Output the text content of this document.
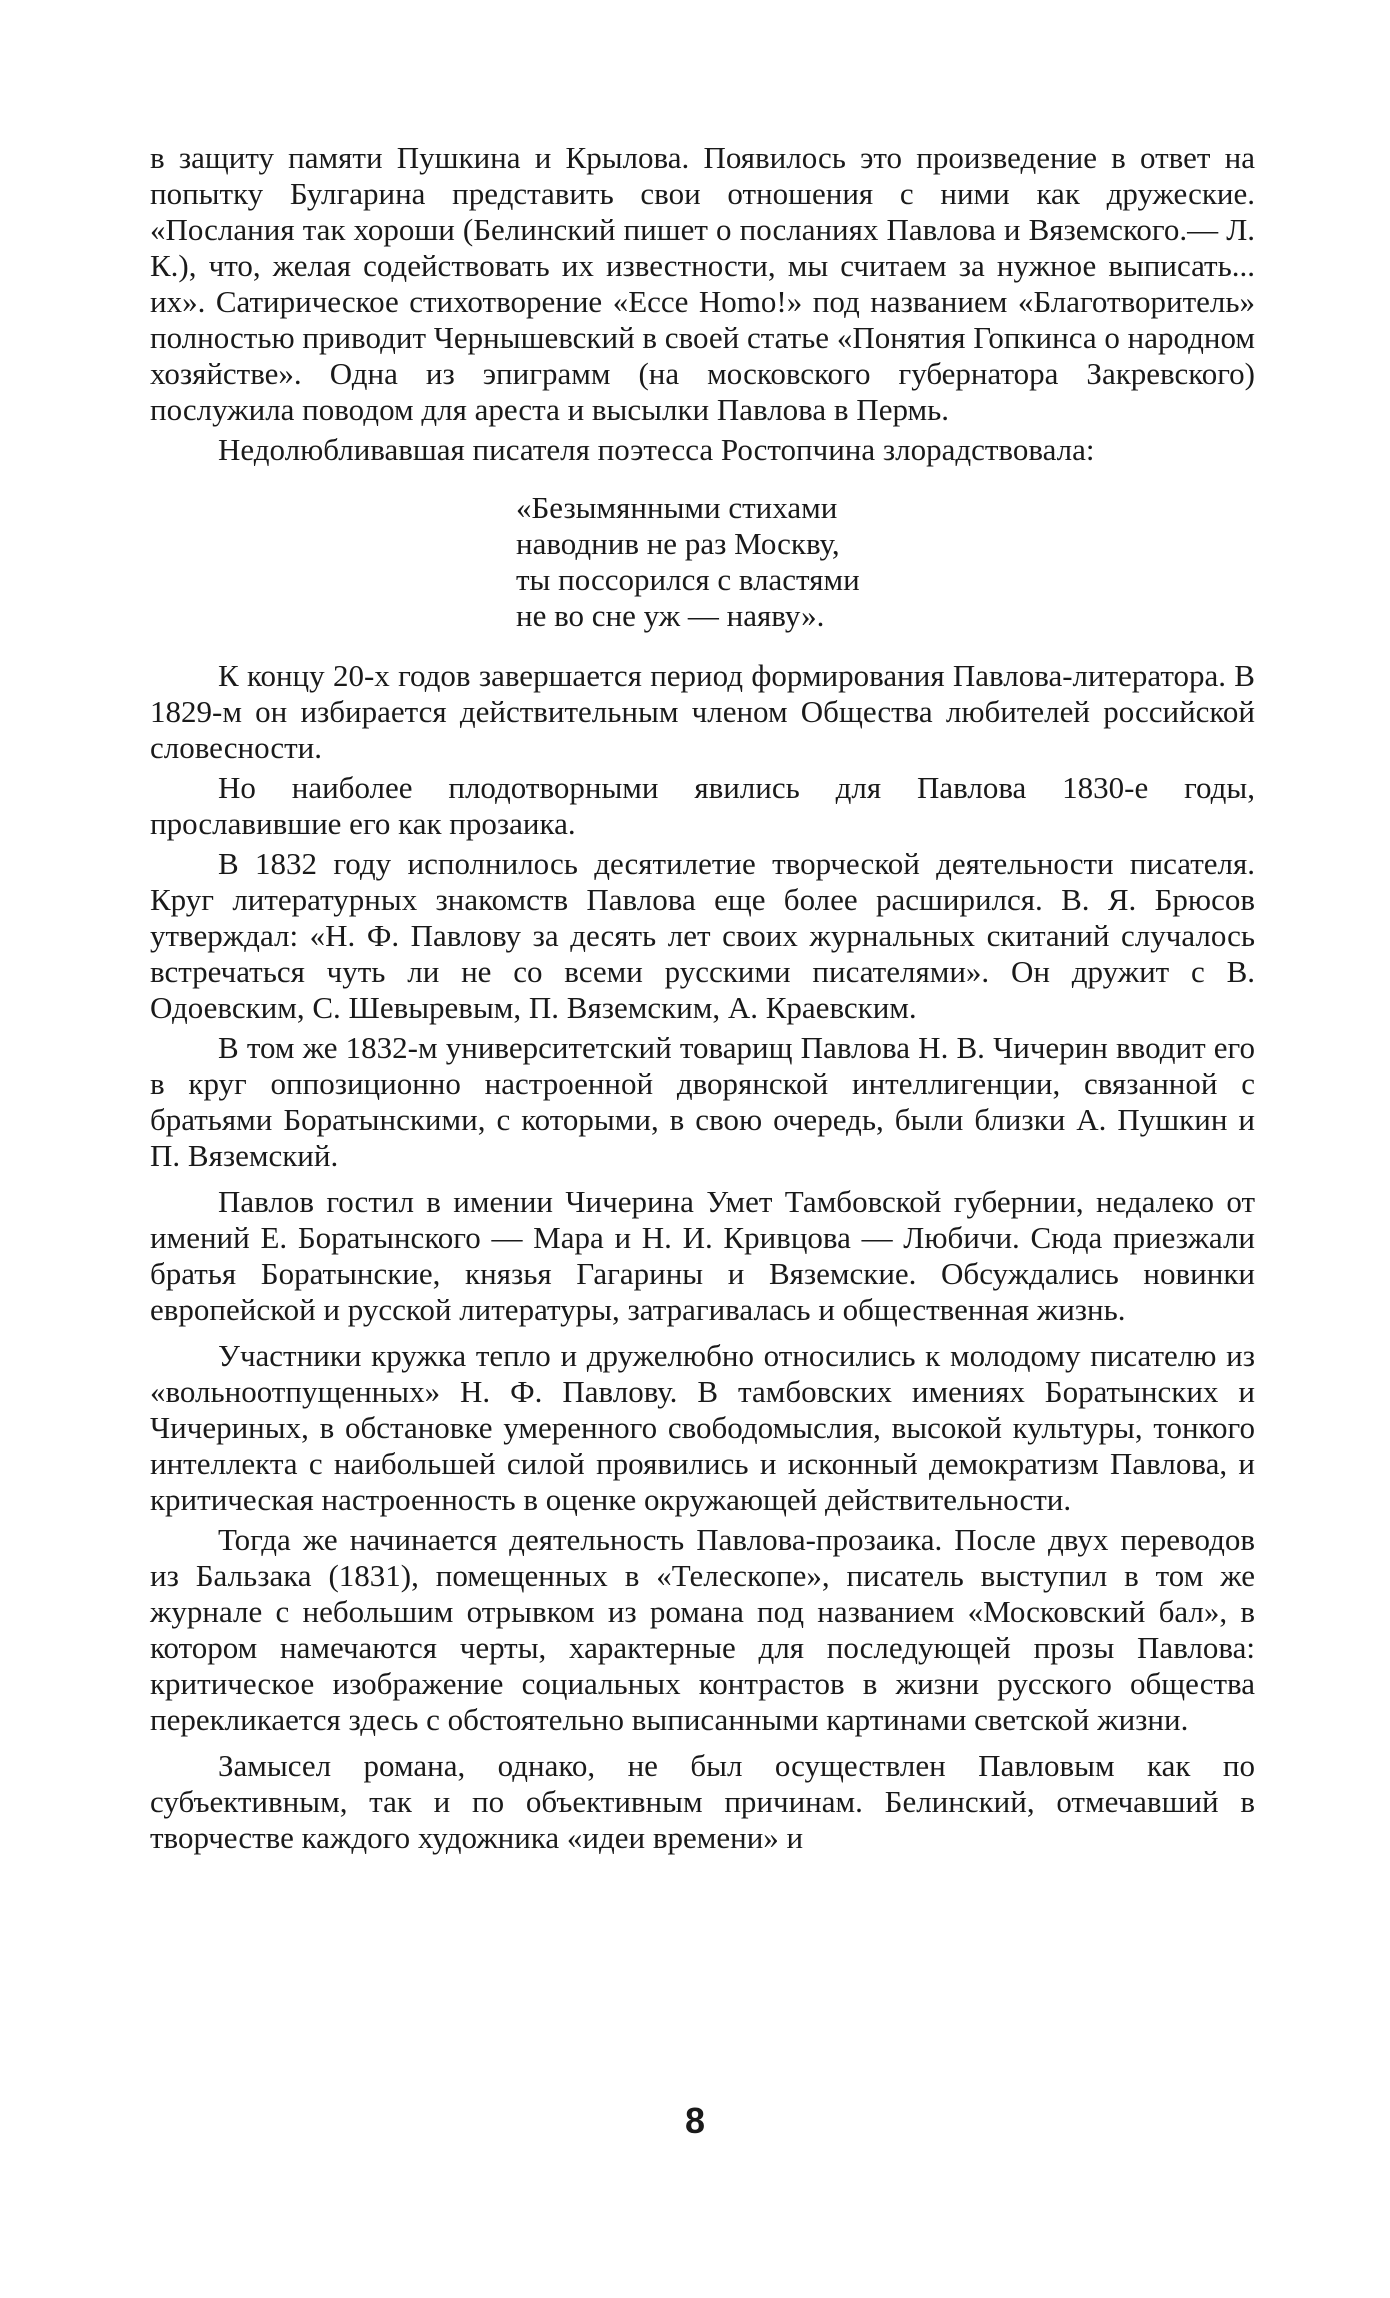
в защиту памяти Пушкина и Крылова. Появилось это произведение в ответ на попытку Булгарина представить свои отношения с ними как дружеские. «Послания так хороши (Белинский пишет о посланиях Павлова и Вяземского.— Л. К.), что, желая содействовать их известности, мы считаем за нужное выписать... их». Сатирическое стихотворение «Ecce Homo!» под названием «Благотворитель» полностью приводит Чернышевский в своей статье «Понятия Гопкинса о народном хозяйстве». Одна из эпиграмм (на московского губернатора Закревского) послужила поводом для ареста и высылки Павлова в Пермь.

Недолюбливавшая писателя поэтесса Ростопчина злорадствовала:

«Безымянными стихами
наводнив не раз Москву,
ты поссорился с властями
не во сне уж — наяву».

К концу 20-х годов завершается период формирования Павлова-литератора. В 1829-м он избирается действительным членом Общества любителей российской словесности.

Но наиболее плодотворными явились для Павлова 1830-е годы, прославившие его как прозаика.

В 1832 году исполнилось десятилетие творческой деятельности писателя. Круг литературных знакомств Павлова еще более расширился. В. Я. Брюсов утверждал: «Н. Ф. Павлову за десять лет своих журнальных скитаний случалось встречаться чуть ли не со всеми русскими писателями». Он дружит с В. Одоевским, С. Шевыревым, П. Вяземским, А. Краевским.

В том же 1832-м университетский товарищ Павлова Н. В. Чичерин вводит его в круг оппозиционно настроенной дворянской интеллигенции, связанной с братьями Боратынскими, с которыми, в свою очередь, были близки А. Пушкин и П. Вяземский.

Павлов гостил в имении Чичерина Умет Тамбовской губернии, недалеко от имений Е. Боратынского — Мара и Н. И. Кривцова — Любичи. Сюда приезжали братья Боратынские, князья Гагарины и Вяземские. Обсуждались новинки европейской и русской литературы, затрагивалась и общественная жизнь.

Участники кружка тепло и дружелюбно относились к молодому писателю из «вольноотпущенных» Н. Ф. Павлову. В тамбовских имениях Боратынских и Чичериных, в обстановке умеренного свободомыслия, высокой культуры, тонкого интеллекта с наибольшей силой проявились и исконный демократизм Павлова, и критическая настроенность в оценке окружающей действительности.

Тогда же начинается деятельность Павлова-прозаика. После двух переводов из Бальзака (1831), помещенных в «Телескопе», писатель выступил в том же журнале с небольшим отрывком из романа под названием «Московский бал», в котором намечаются черты, характерные для последующей прозы Павлова: критическое изображение социальных контрастов в жизни русского общества перекликается здесь с обстоятельно выписанными картинами светской жизни.

Замысел романа, однако, не был осуществлен Павловым как по субъективным, так и по объективным причинам. Белинский, отмечавший в творчестве каждого художника «идеи времени» и

8
